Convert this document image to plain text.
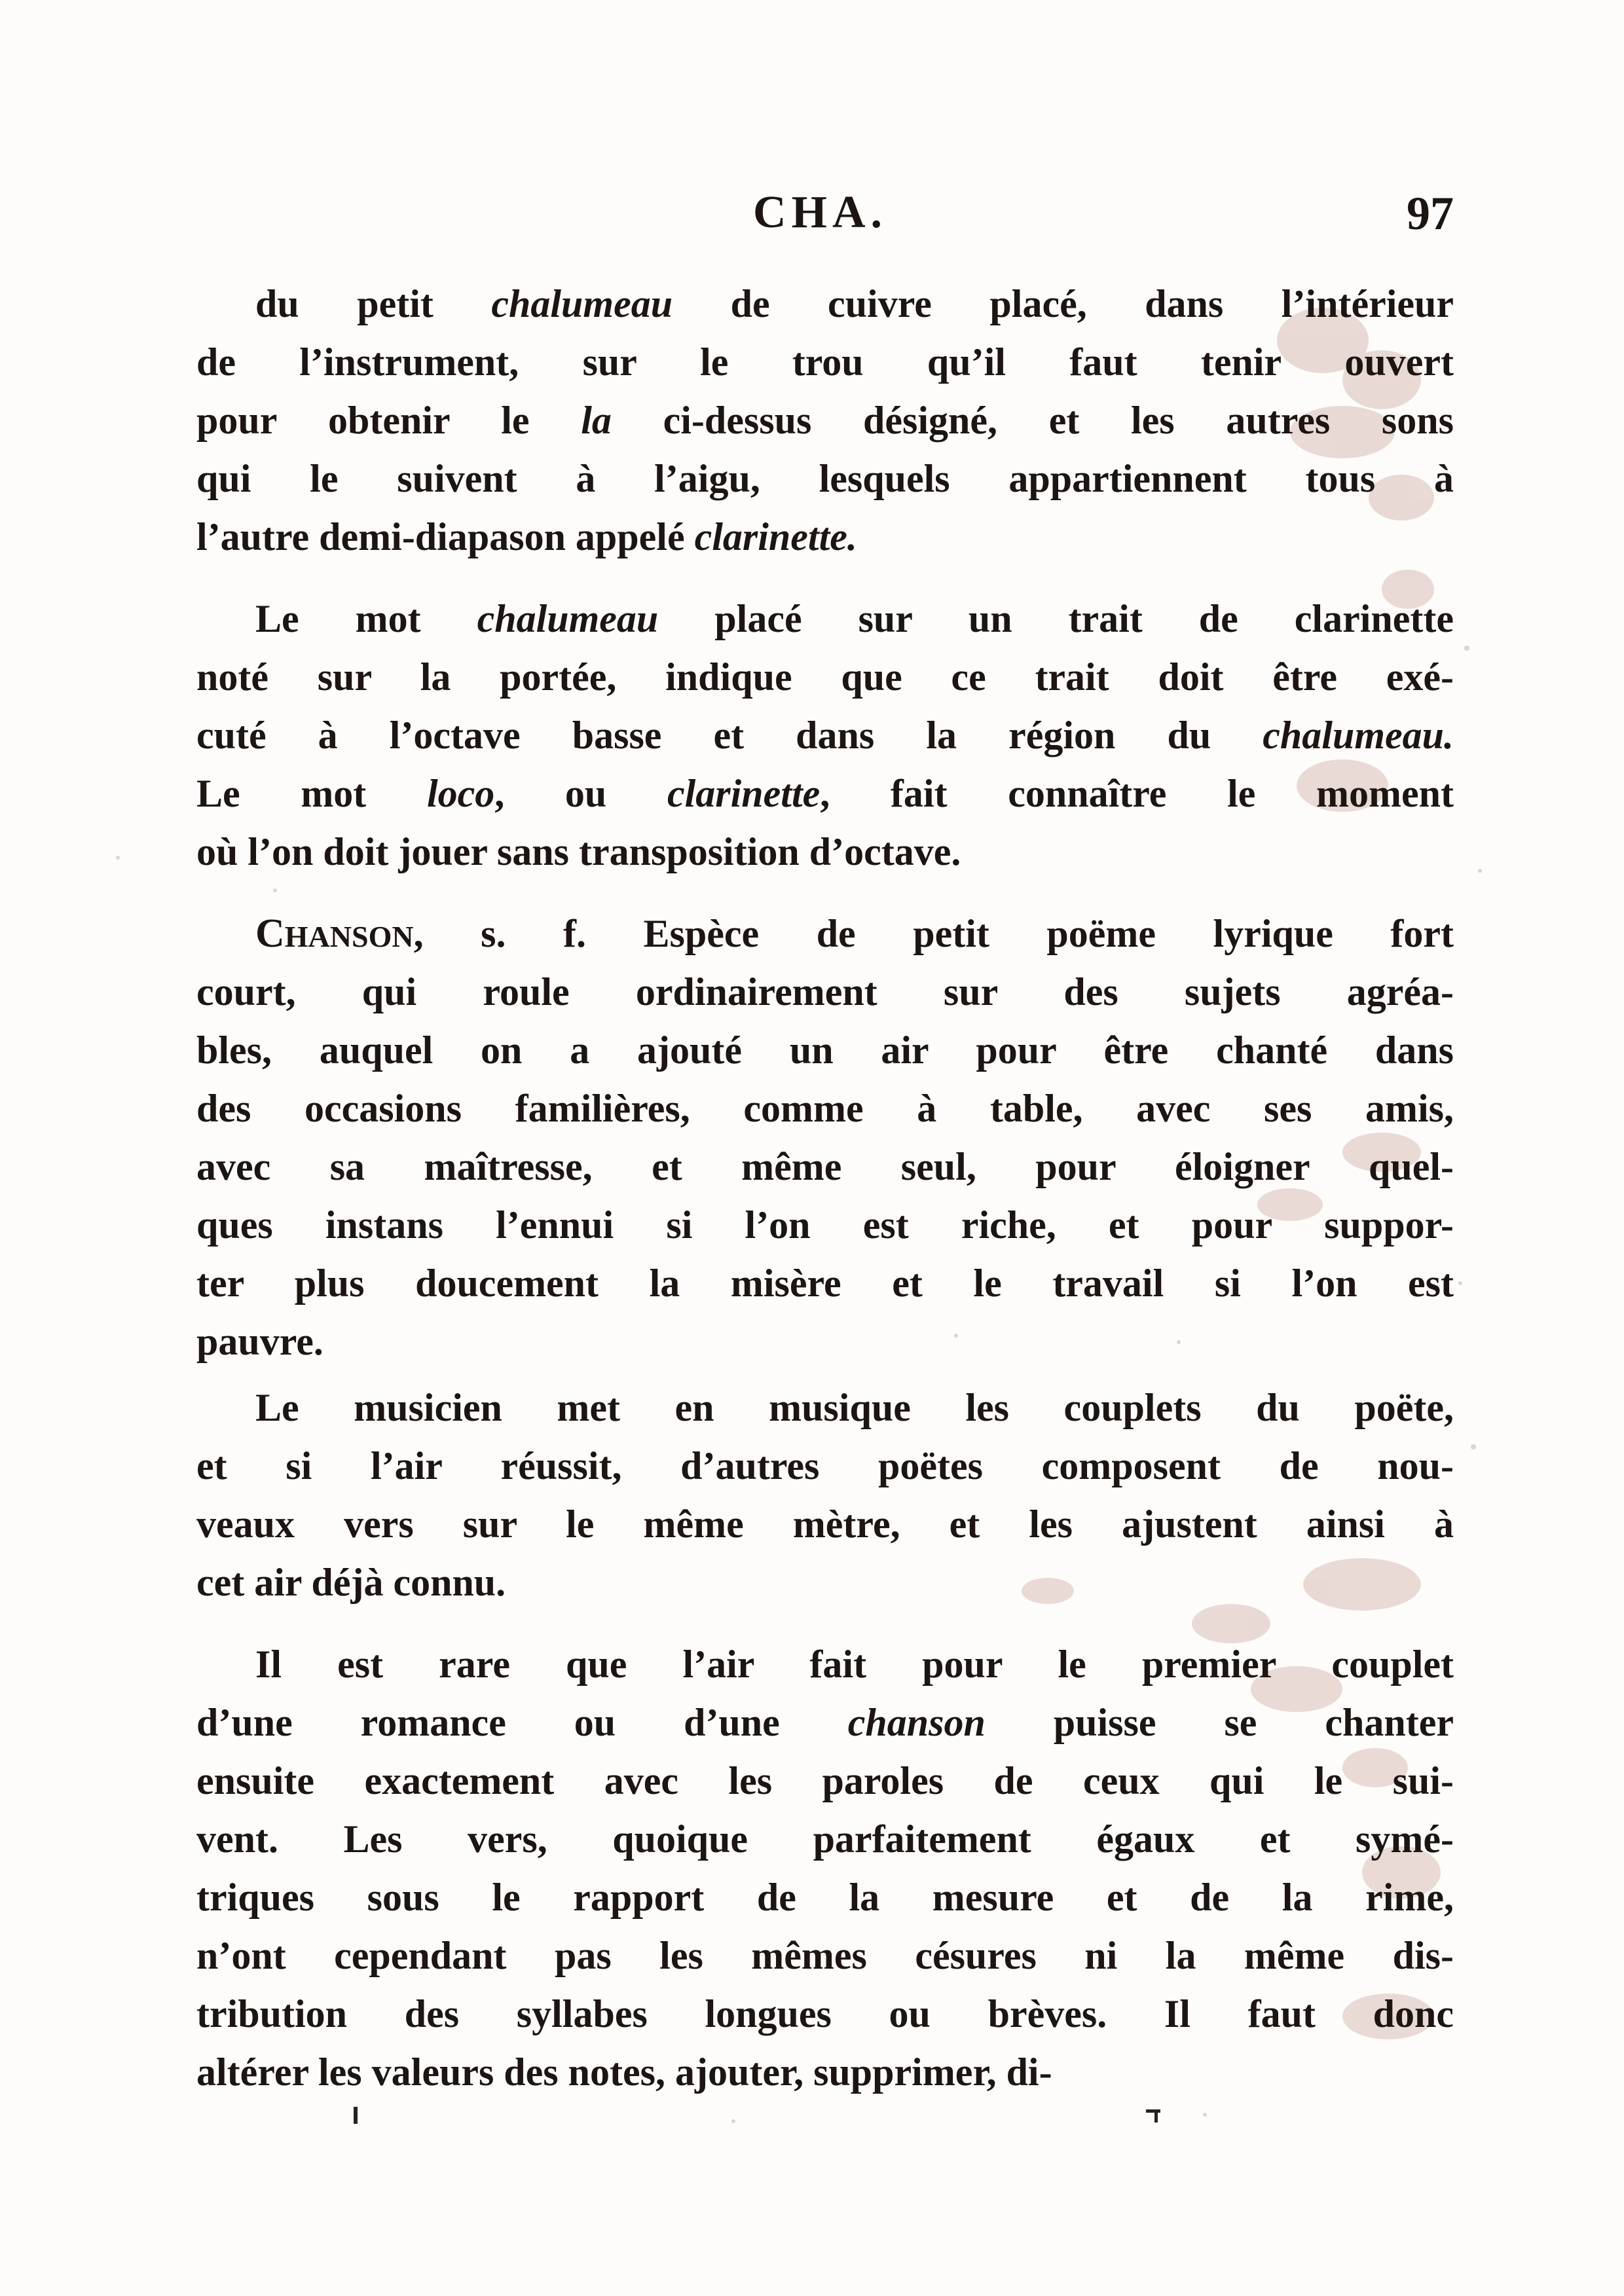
CHA.	97
du petit chalumeau de cuivre placé, dans l’intérieur
de l’instrument, sur le trou qu’il faut tenir ouvert
pour obtenir le la ci-dessus désigné, et les autres sons
qui le suivent à l’aigu, lesquels appartiennent tous à
l’autre demi-diapason appelé clarinette.
Le mot chalumeau placé sur un trait de clarinette
noté sur la portée, indique que ce trait doit être exé-
cuté à l’octave basse et dans la région du chalumeau.
Le mot loco, ou clarinette, fait connaître le moment
où l’on doit jouer sans transposition d’octave.
CHANSON, s. f. Espèce de petit poëme lyrique fort
court, qui roule ordinairement sur des sujets agréa-
bles, auquel on a ajouté un air pour être chanté dans
des occasions familières, comme à table, avec ses amis,
avec sa maîtresse, et même seul, pour éloigner quel-
ques instans l’ennui si l’on est riche, et pour suppor-
ter plus doucement la misère et le travail si l’on est
pauvre.
Le musicien met en musique les couplets du poëte,
et si l’air réussit, d’autres poëtes composent de nou-
veaux vers sur le même mètre, et les ajustent ainsi à
cet air déjà connu.
Il est rare que l’air fait pour le premier couplet
d’une romance ou d’une chanson puisse se chanter
ensuite exactement avec les paroles de ceux qui le sui-
vent. Les vers, quoique parfaitement égaux et symé-
triques sous le rapport de la mesure et de la rime,
n’ont cependant pas les mêmes césures ni la même dis-
tribution des syllabes longues ou brèves. Il faut donc
altérer les valeurs des notes, ajouter, supprimer, di-
